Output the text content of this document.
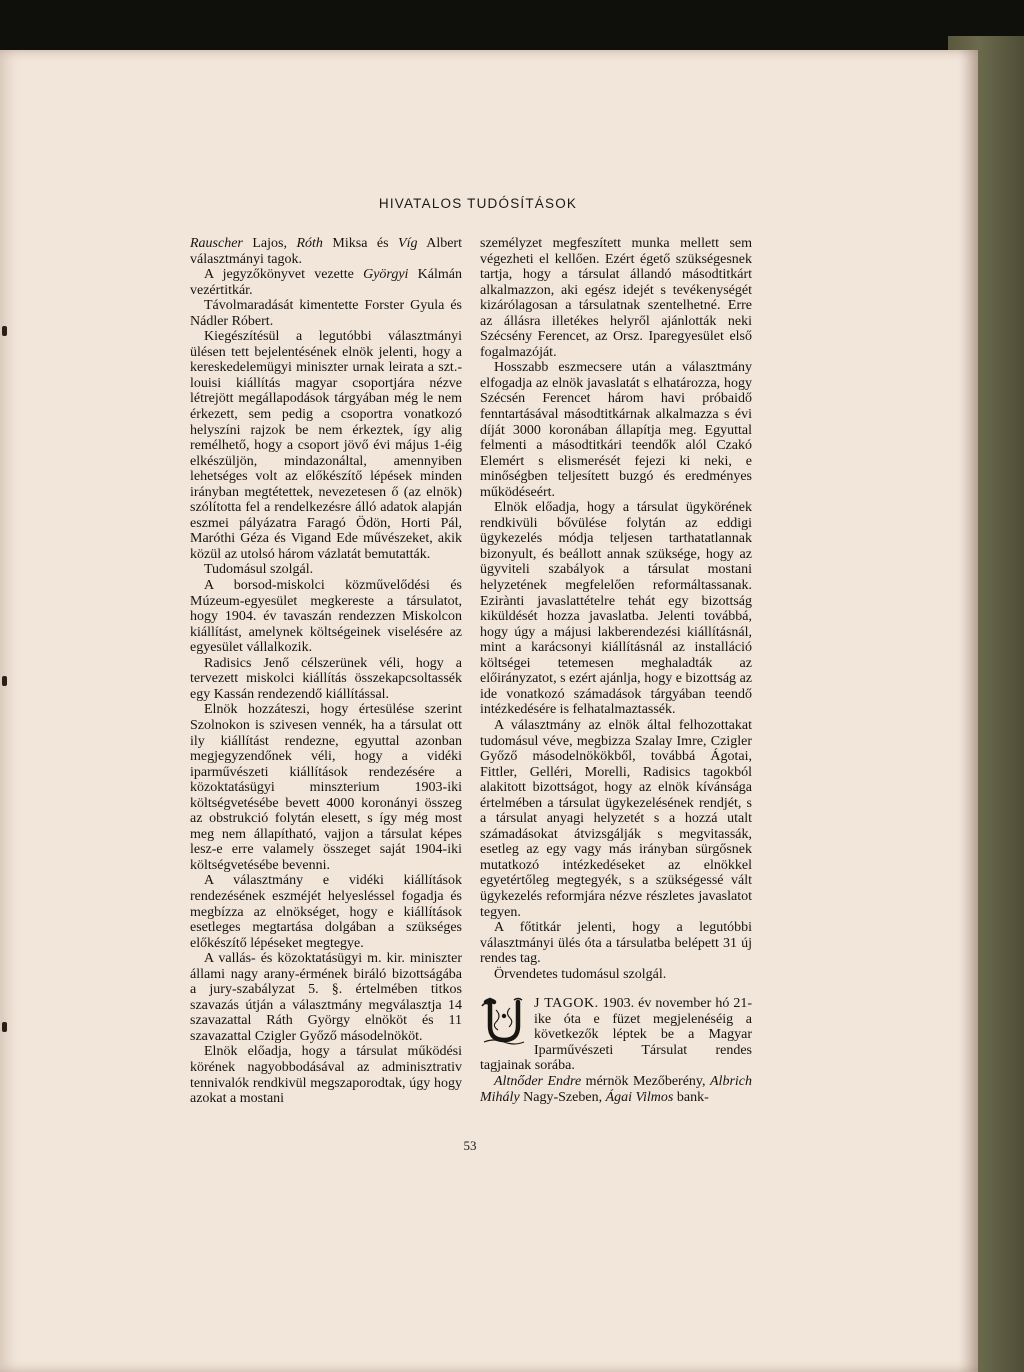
HIVATALOS TUDÓSÍTÁSOK

Rauscher Lajos, Róth Miksa és Víg Albert választmányi tagok.

A jegyzőkönyvet vezette Györgyi Kálmán vezértitkár.

Távolmaradását kimentette Forster Gyula és Nádler Róbert.

Kiegészítésül a legutóbbi választmányi ülésen tett bejelentésének elnök jelenti, hogy a kereskedelemügyi miniszter urnak leirata a szt.-louisi kiállítás magyar csoportjára nézve létrejött megállapodások tárgyában még le nem érkezett, sem pedig a csoportra vonatkozó helyszíni rajzok be nem érkeztek, így alig remélhető, hogy a csoport jövő évi május 1-éig elkészüljön, mindazonáltal, amennyiben lehetséges volt az előkészítő lépések minden irányban megtétettek, nevezetesen ő (az elnök) szólította fel a rendelkezésre álló adatok alapján eszmei pályázatra Faragó Ödön, Horti Pál, Maróthi Géza és Vigand Ede művészeket, akik közül az utolsó három vázlatát bemutatták.

Tudomásul szolgál.

A borsod-miskolci közművelődési és Múzeum-egyesület megkereste a társulatot, hogy 1904. év tavaszán rendezzen Miskolcon kiállítást, amelynek költségeinek viselésére az egyesület vállalkozik.

Radisics Jenő célszerünek véli, hogy a tervezett miskolci kiállítás összekapcsoltassék egy Kassán rendezendő kiállítással.

Elnök hozzáteszi, hogy értesülése szerint Szolnokon is szivesen vennék, ha a társulat ott ily kiállítást rendezne, egyuttal azonban megjegyzendőnek véli, hogy a vidéki iparművészeti kiállítások rendezésére a közoktatásügyi minszterium 1903-iki költségvetésébe bevett 4000 koronányi összeg az obstrukció folytán elesett, s így még most meg nem állapítható, vajjon a társulat képes lesz-e erre valamely összeget saját 1904-iki költségvetésébe bevenni.

A választmány e vidéki kiállítások rendezésének eszméjét helyesléssel fogadja és megbízza az elnökséget, hogy e kiállítások esetleges megtartása dolgában a szükséges előkészítő lépéseket megtegye.

A vallás- és közoktatásügyi m. kir. miniszter állami nagy arany-érmének biráló bizottságába a jury-szabályzat 5. §. értelmében titkos szavazás útján a választmány megválasztja 14 szavazattal Ráth György elnököt és 11 szavazattal Czigler Győző másodelnököt.

Elnök előadja, hogy a társulat működési körének nagyobbodásával az adminisztrativ tennivalók rendkivül megszaporodtak, úgy hogy azokat a mostani

személyzet megfeszített munka mellett sem végezheti el kellően. Ezért égető szükségesnek tartja, hogy a társulat állandó másodtitkárt alkalmazzon, aki egész idejét s tevékenységét kizárólagosan a társulatnak szentelhetné. Erre az állásra illetékes helyről ajánlották neki Szécsény Ferencet, az Orsz. Iparegyesület első fogalmazóját.

Hosszabb eszmecsere után a választmány elfogadja az elnök javaslatát s elhatározza, hogy Szécsén Ferencet három havi próbaidő fenntartásával másodtitkárnak alkalmazza s évi díját 3000 koronában állapítja meg. Egyuttal felmenti a másodtitkári teendők alól Czakó Elemért s elismerését fejezi ki neki, e minőségben teljesített buzgó és eredményes működéseért.

Elnök előadja, hogy a társulat ügykörének rendkivüli bővülése folytán az eddigi ügykezelés módja teljesen tarthatatlannak bizonyult, és beállott annak szüksége, hogy az ügyviteli szabályok a társulat mostani helyzetének megfelelően reformáltassanak. Ezirànti javaslattételre tehát egy bizottság kiküldését hozza javaslatba. Jelenti továbbá, hogy úgy a májusi lakberendezési kiállításnál, mint a karácsonyi kiállításnál az installáció költségei tetemesen meghaladták az előirányzatot, s ezért ajánlja, hogy e bizottság az ide vonatkozó számadások tárgyában teendő intézkedésére is felhatalmaztassék.

A választmány az elnök által felhozottakat tudomásul véve, megbizza Szalay Imre, Czigler Győző másodelnökökből, továbbá Ágotai, Fittler, Gelléri, Morelli, Radisics tagokból alakitott bizottságot, hogy az elnök kívánsága értelmében a társulat ügykezelésének rendjét, s a társulat anyagi helyzetét s a hozzá utalt számadásokat átvizsgálják s megvitassák, esetleg az egy vagy más irányban sürgősnek mutatkozó intézkedéseket az elnökkel egyetértőleg megtegyék, s a szükségessé vált ügykezelés reformjára nézve részletes javaslatot tegyen.

A főtitkár jelenti, hogy a legutóbbi választmányi ülés óta a társulatba belépett 31 új rendes tag.

Örvendetes tudomásul szolgál.

J TAGOK. 1903. év november hó 21-ike óta e füzet megjelenéséig a következők léptek be a Magyar Iparművészeti Társulat rendes tagjainak sorába.

Altnőder Endre mérnök Mezőberény, Albrich Mihály Nagy-Szeben, Ágai Vilmos bank-

53
